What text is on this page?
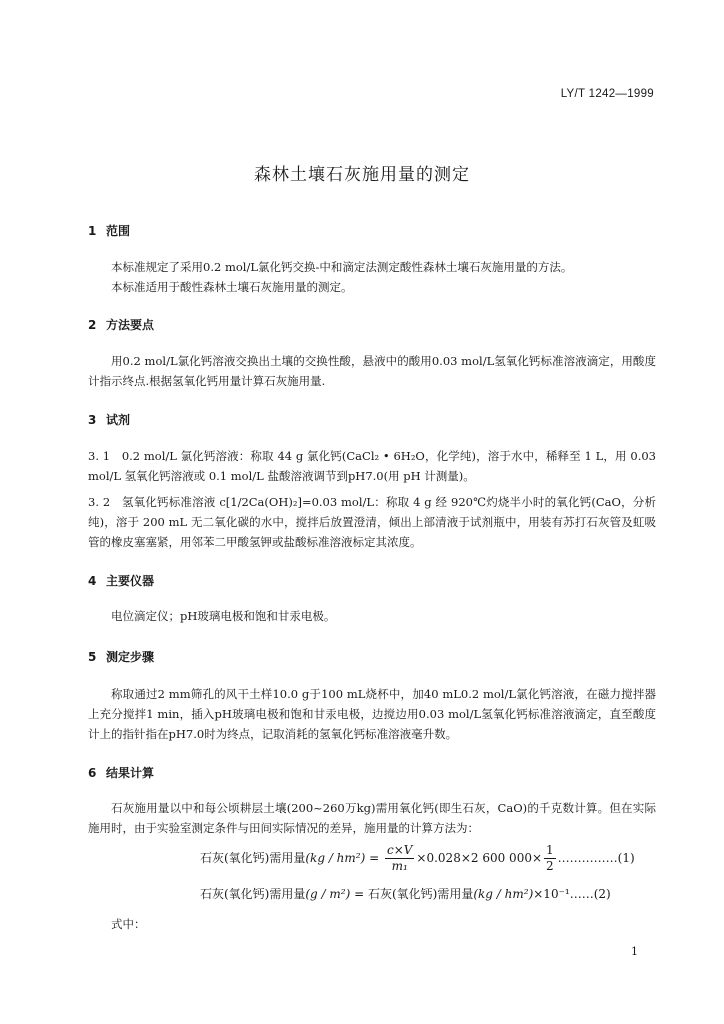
LY/T 1242—1999
森林土壤石灰施用量的测定
1 范围
本标准规定了采用0.2 mol/L氯化钙交换-中和滴定法测定酸性森林土壤石灰施用量的方法。
本标准适用于酸性森林土壤石灰施用量的测定。
2 方法要点
用0.2 mol/L氯化钙溶液交换出土壤的交换性酸，悬液中的酸用0.03 mol/L氢氧化钙标准溶液滴定，用酸度计指示终点.根据氢氧化钙用量计算石灰施用量.
3 试剂
3. 1　0.2 mol/L 氯化钙溶液：称取 44 g 氯化钙(CaCl₂ • 6H₂O，化学纯)，溶于水中，稀释至 1 L，用 0.03 mol/L 氢氧化钙溶液或 0.1 mol/L 盐酸溶液调节到pH7.0(用 pH 计测量)。
3. 2　氢氧化钙标准溶液 c[1/2Ca(OH)₂]=0.03 mol/L：称取 4 g 经 920℃灼烧半小时的氧化钙(CaO，分析纯)，溶于 200 mL 无二氧化碳的水中，搅拌后放置澄清，倾出上部清液于试剂瓶中，用装有苏打石灰管及虹吸管的橡皮塞塞紧，用邻苯二甲酸氢钾或盐酸标准溶液标定其浓度。
4 主要仪器
电位滴定仪；pH玻璃电极和饱和甘汞电极。
5 测定步骤
称取通过2 mm筛孔的风干土样10.0 g于100 mL烧杯中，加40 mL0.2 mol/L氯化钙溶液，在磁力搅拌器上充分搅拌1 min，插入pH玻璃电极和饱和甘汞电极，边搅边用0.03 mol/L氢氧化钙标准溶液滴定，直至酸度计上的指针指在pH7.0时为终点，记取消耗的氢氧化钙标准溶液毫升数。
6 结果计算
石灰施用量以中和每公顷耕层土壤(200~260万kg)需用氧化钙(即生石灰，CaO)的千克数计算。但在实际施用时，由于实验室测定条件与田间实际情况的差异，施用量的计算方法为：
石灰(氧化钙)需用量$(kg / hm^2) = \frac{c\times V}{\text{m₁}} \times 0.028\times 2$ 600 $000\times \frac{1}{2}$ ……………(1)
石灰(氧化钙)需用量(g / m²) = 石灰(氧化钙)需用量(kg / hm²)×10⁻¹……(2)
式中：
1
